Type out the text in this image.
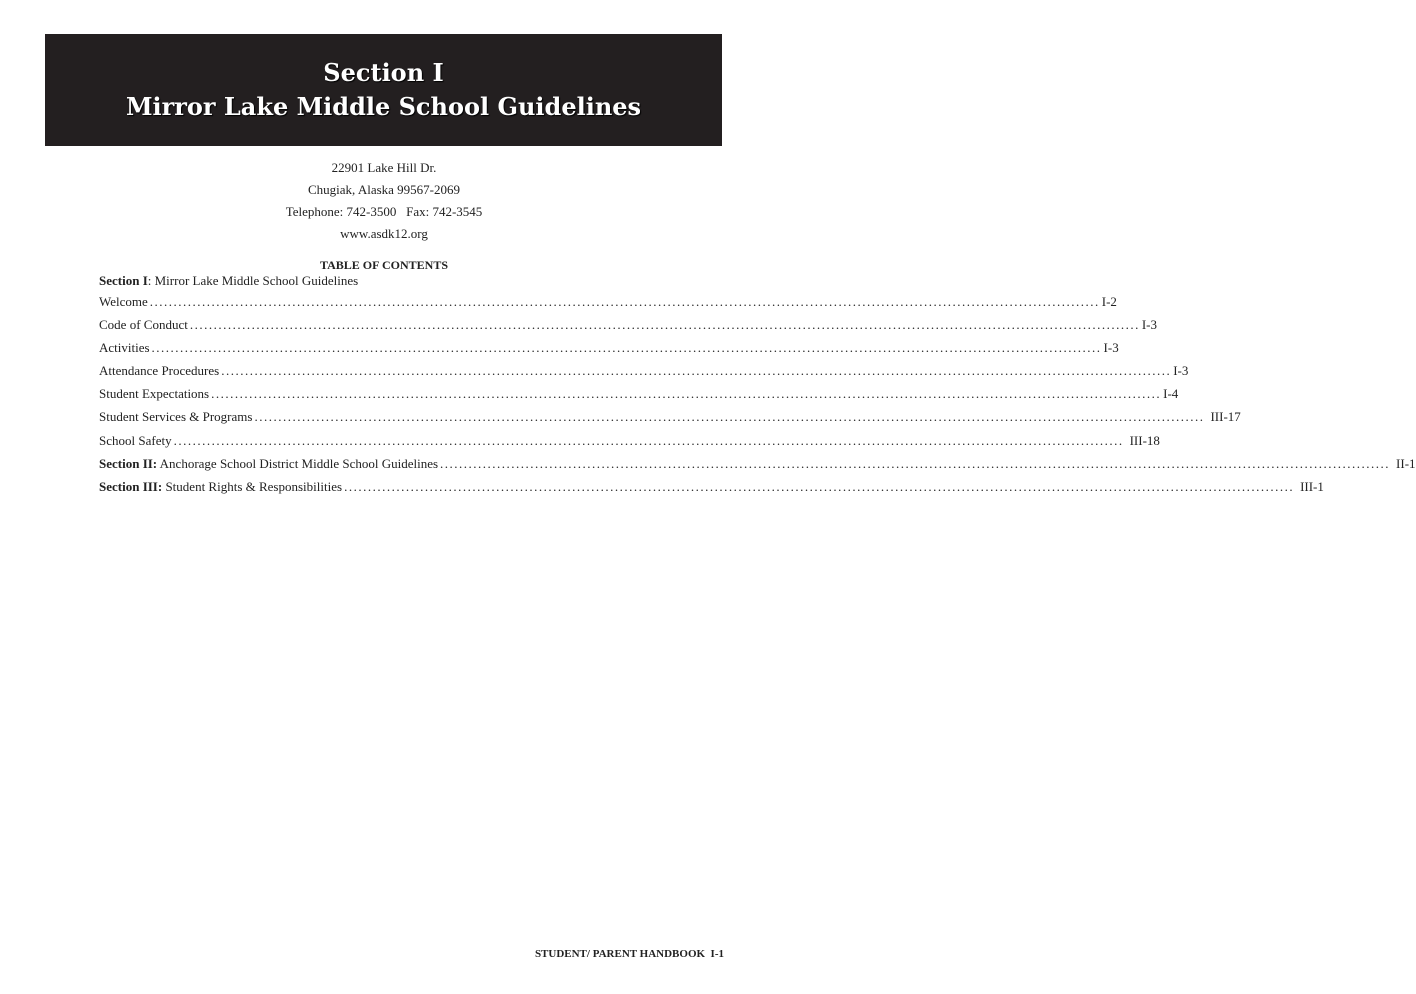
Section I
Mirror Lake Middle School Guidelines
22901 Lake Hill Dr.
Chugiak, Alaska 99567-2069
Telephone: 742-3500   Fax: 742-3545
www.asdk12.org
TABLE OF CONTENTS
Section I: Mirror Lake Middle School Guidelines
Welcome ........................................................................................................................................................................................................ I-2
Code of Conduct ........................................................................................................................................................................................................ I-3
Activities ........................................................................................................................................................................................................ I-3
Attendance Procedures ........................................................................................................................................................................................................ I-3
Student Expectations ........................................................................................................................................................................................................ I-4
Student Services & Programs ........................................................................................................................................................................................................ III-17
School Safety ........................................................................................................................................................................................................ III-18
Section II: Anchorage School District Middle School Guidelines ........................................................................................................................................................................................................ II-1
Section III: Student Rights & Responsibilities ........................................................................................................................................................................................................ III-1
STUDENT/ PARENT HANDBOOK  I-1
